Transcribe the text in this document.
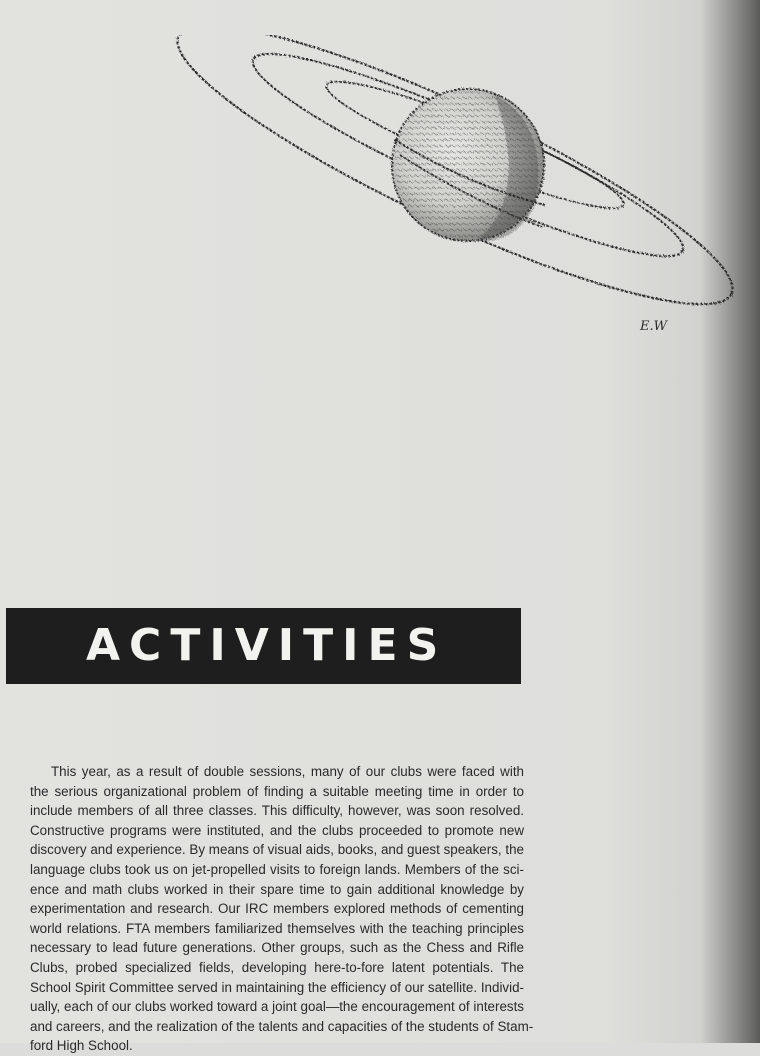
E.W
ACTIVITIES

This year, as a result of double sessions, many of our clubs were faced with
the serious organizational problem of finding a suitable meeting time in order to
include members of all three classes. This difficulty, however, was soon resolved.
Constructive programs were instituted, and the clubs proceeded to promote new
discovery and experience. By means of visual aids, books, and guest speakers, the
language clubs took us on jet-propelled visits to foreign lands. Members of the sci-
ence and math clubs worked in their spare time to gain additional knowledge by
experimentation and research. Our IRC members explored methods of cementing
world relations. FTA members familiarized themselves with the teaching principles
necessary to lead future generations. Other groups, such as the Chess and Rifle
Clubs, probed specialized fields, developing here-to-fore latent potentials. The
School Spirit Committee served in maintaining the efficiency of our satellite. Individ-
ually, each of our clubs worked toward a joint goal—the encouragement of interests
and careers, and the realization of the talents and capacities of the students of Stam-
ford High School.
